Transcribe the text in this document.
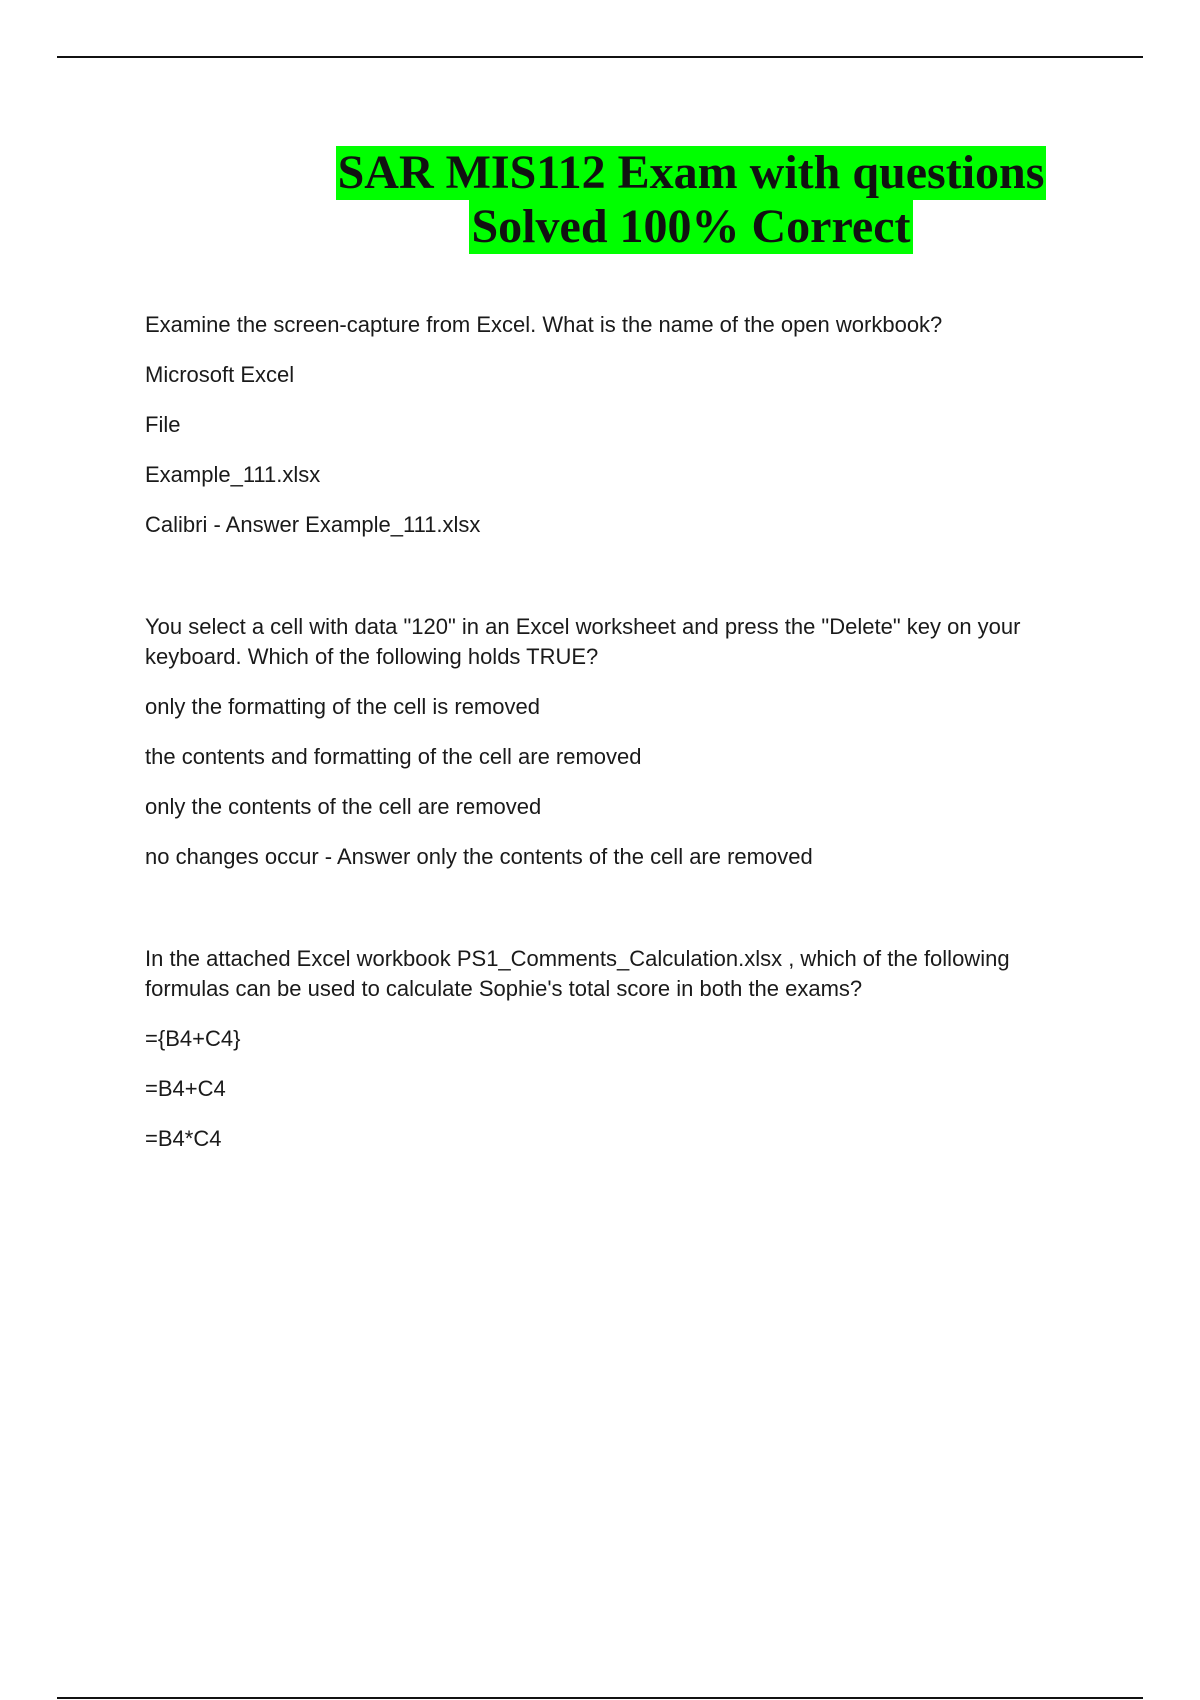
SAR MIS112 Exam with questions
Solved 100% Correct
Examine the screen-capture from Excel. What is the name of the open workbook?
Microsoft Excel
File
Example_111.xlsx
Calibri - Answer Example_111.xlsx
You select a cell with data "120" in an Excel worksheet and press the "Delete" key on your keyboard. Which of the following holds TRUE?
only the formatting of the cell is removed
the contents and formatting of the cell are removed
only the contents of the cell are removed
no changes occur - Answer only the contents of the cell are removed
In the attached Excel workbook PS1_Comments_Calculation.xlsx , which of the following formulas can be used to calculate Sophie's total score in both the exams?
={B4+C4}
=B4+C4
=B4*C4
